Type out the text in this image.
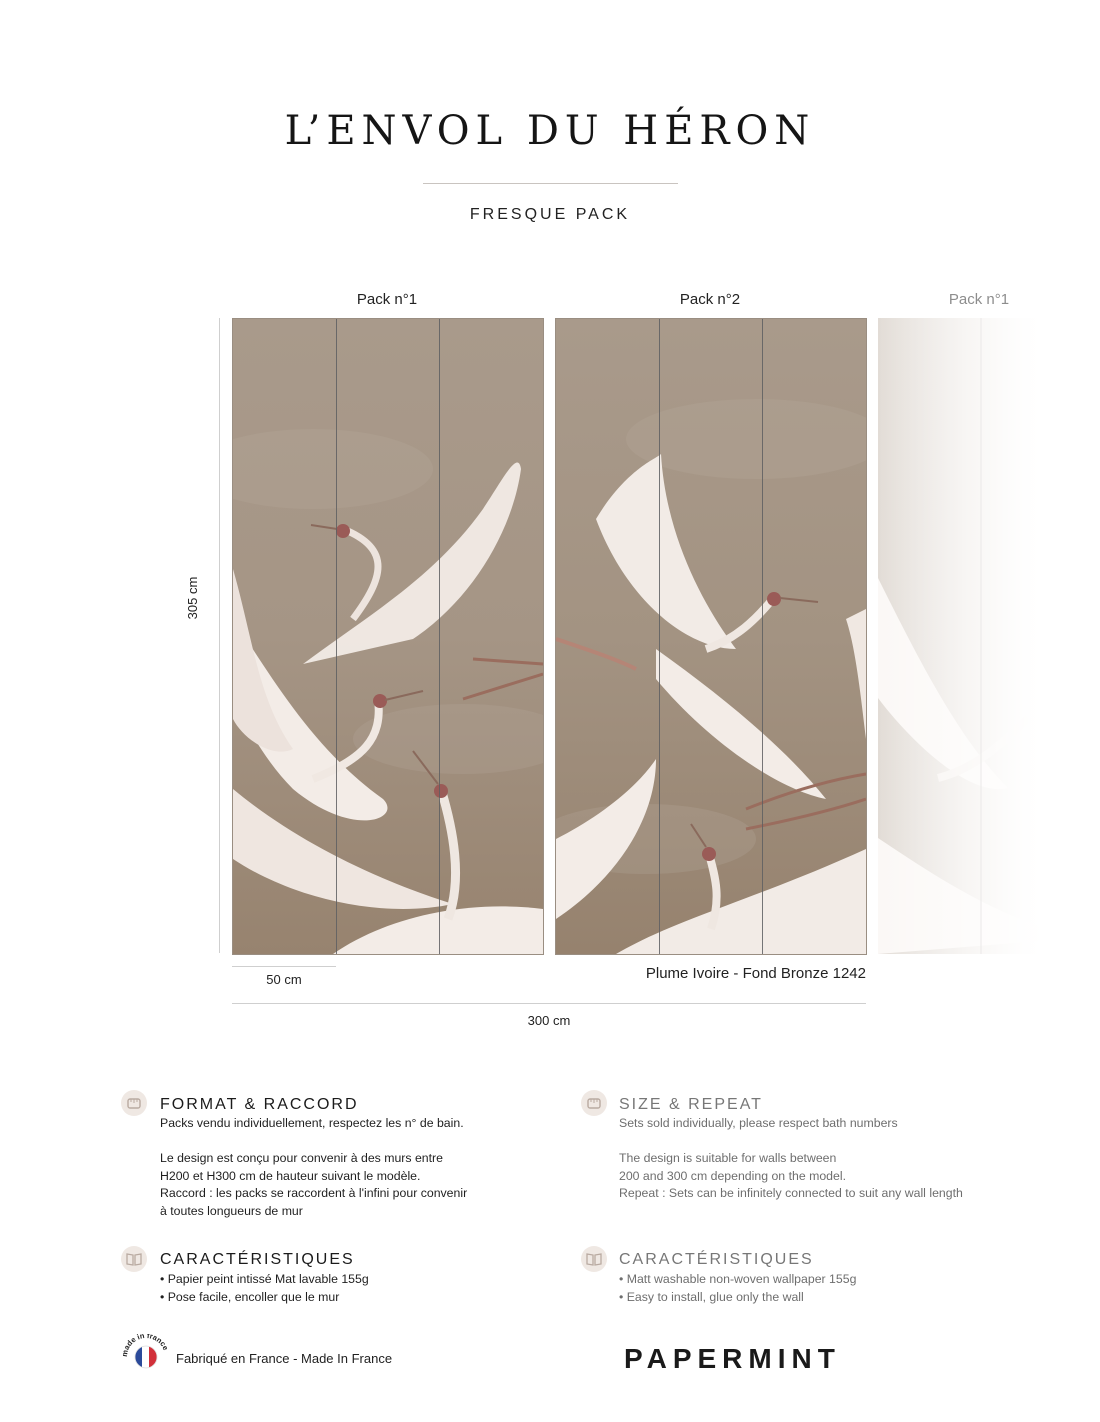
L’ENVOL DU HÉRON
FRESQUE PACK
Pack n°1	Pack n°2	Pack n°1
305 cm
50 cm	Plume Ivoire - Fond Bronze 1242
300 cm
FORMAT & RACCORD
Packs vendu individuellement, respectez les n° de bain.

Le design est conçu pour convenir à des murs entre
H200 et H300 cm de hauteur suivant le modèle.
Raccord : les packs se raccordent à l'infini pour convenir
à toutes longueurs de mur
SIZE & REPEAT
Sets sold individually, please respect bath numbers

The design is suitable for walls between
200 and 300 cm depending on the model.
Repeat : Sets can be infinitely connected to suit any wall length
CARACTÉRISTIQUES
• Papier peint intissé Mat lavable 155g
• Pose facile, encoller que le mur
CARACTÉRISTIQUES
• Matt washable non-woven wallpaper 155g
• Easy to install, glue only the wall
de in franc
Fabriqué en France - Made In France	PAPERMINT
